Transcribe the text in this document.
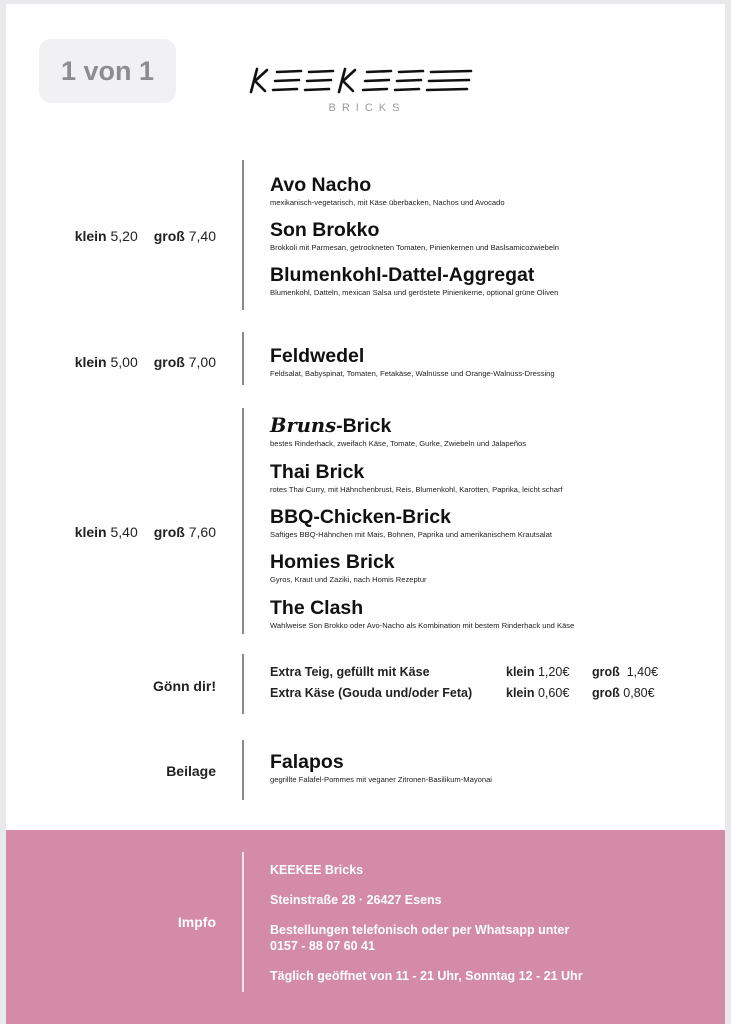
1 von 1
BRICKS
klein 5,20 groß 7,40
Avo Nacho
mexikanisch-vegetarisch, mit Käse überbacken, Nachos und Avocado
Son Brokko
Brokkoli mit Parmesan, getrockneten Tomaten, Pinienkernen und Baslsamicozwiebeln
Blumenkohl-Dattel-Aggregat
Blumenkohl, Datteln, mexican Salsa und geröstete Pinienkerne, optional grüne Oliven
klein 5,00 groß 7,00	Feldwedel
Feldsalat, Babyspinat, Tomaten, Fetakäse, Walnüsse und Orange-Walnuss-Dressing
klein 5,40 groß 7,60
Bruns-Brick
bestes Rinderhack, zweifach Käse, Tomate, Gurke, Zwiebeln und Jalapeños
Thai Brick
rotes Thai Curry, mit Hähnchenbrust, Reis, Blumenkohl, Karotten, Paprika, leicht scharf
BBQ-Chicken-Brick
Saftiges BBQ-Hähnchen mit Mais, Bohnen, Paprika und amerikanischem Krautsalat
Homies Brick
Gyros, Kraut und Zaziki, nach Homis Rezeptur
The Clash
Wahlweise Son Brokko oder Avo-Nacho als Kombination mit bestem Rinderhack und Käse
Gönn dir!
Extra Teig, gefüllt mit Käse	klein 1,20€	groß 1,40€
Extra Käse (Gouda und/oder Feta)	klein 0,60€	groß 0,80€
Beilage	Falapos
gegrillte Falafel-Pommes mit veganer Zitronen-Basilikum-Mayonai
Impfo
KEEKEE Bricks
Steinstraße 28 · 26427 Esens
Bestellungen telefonisch oder per Whatsapp unter
0157 - 88 07 60 41
Täglich geöffnet von 11 - 21 Uhr, Sonntag 12 - 21 Uhr
